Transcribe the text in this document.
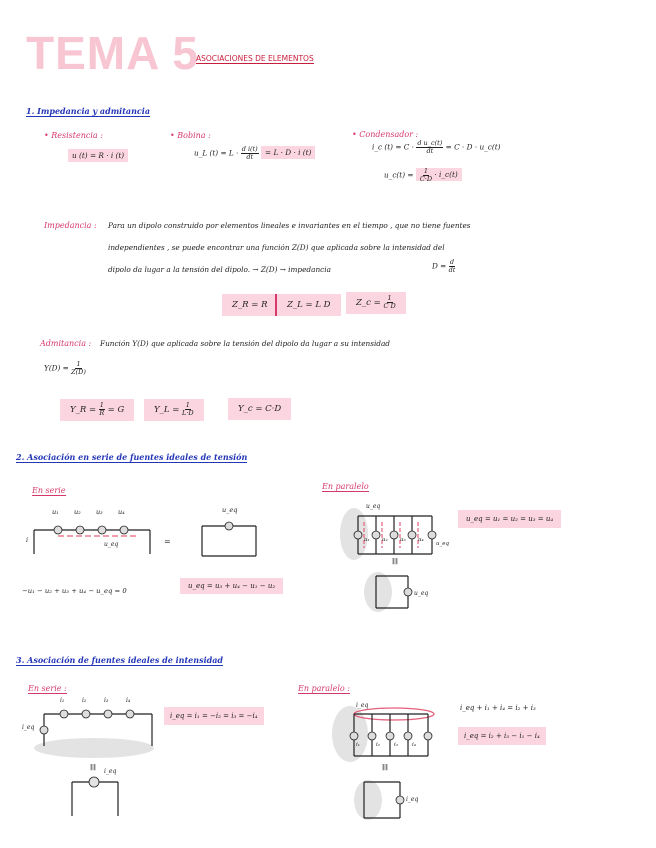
TEMA 5
ASOCIACIONES DE ELEMENTOS
1. Impedancia y admitancia
• Resistencia :
u (t) = R · i (t)
• Bobina :
u_L $(t) = L \cdot \frac{\text{d i(t)}}{dt} = L \cdot D \cdot i$ (t)
• Condensador :
i_c $(t) = C \cdot \frac{\text{d u\_c(t)}}{dt} = C \cdot D$ · u_c(t)
u_c(t) = $\frac{1}{C\cdot D}$ · i_c(t)
Impedancia : Para un dipolo construido por elementos lineales e invariantes en el tiempo , que no tiene fuentes
independientes , se puede encontrar una función Z(D) que aplicada sobre la intensidad del
dipolo da lugar a la tensión del dipolo. → Z(D) → impedancia	$D = \frac{d}{dt}$
Z_R = R	Z_L = L D	Z_c = $\frac{1}{\text{C D}}$
Admitancia : Función Y(D) que aplicada sobre la tensión del dipolo da lugar a su intensidad
$Y(D) = \frac{1}{Z(D)}$
Y_R = $\frac{1}{R} = G$	Y_L = $\frac{1}{L\cdot D}$	Y_c = C·D
2. Asociación en serie de fuentes ideales de tensión
En serie	En paralelo
u₁ u₂ u₃ u₄
i
u_eq	=
u_eq
−u₁ − u₂ + u₃ + u₄ − u_eq = 0
u_eq = u₃ + u₄ − u₁ − u₂
u_eq
u₁ u₂ u₃ u₄
u_eq
‖‖
u_eq
u_eq = u₁ = u₂ = u₃ = u₄
3. Asociación de fuentes ideales de intensidad
En serie :	En paralelo :
i₁	i₂	i₃	i₄
i_eq
i_eq = i₁ = −i₂ = i₃ = −i₄
‖‖
i_eq
i_eq
i₁	i₂	i₃	i₄
i_eq + i₁ + i₄ = i₂ + i₃
i_eq = i₂ + i₃ − i₁ − i₄
‖‖
i_eq
